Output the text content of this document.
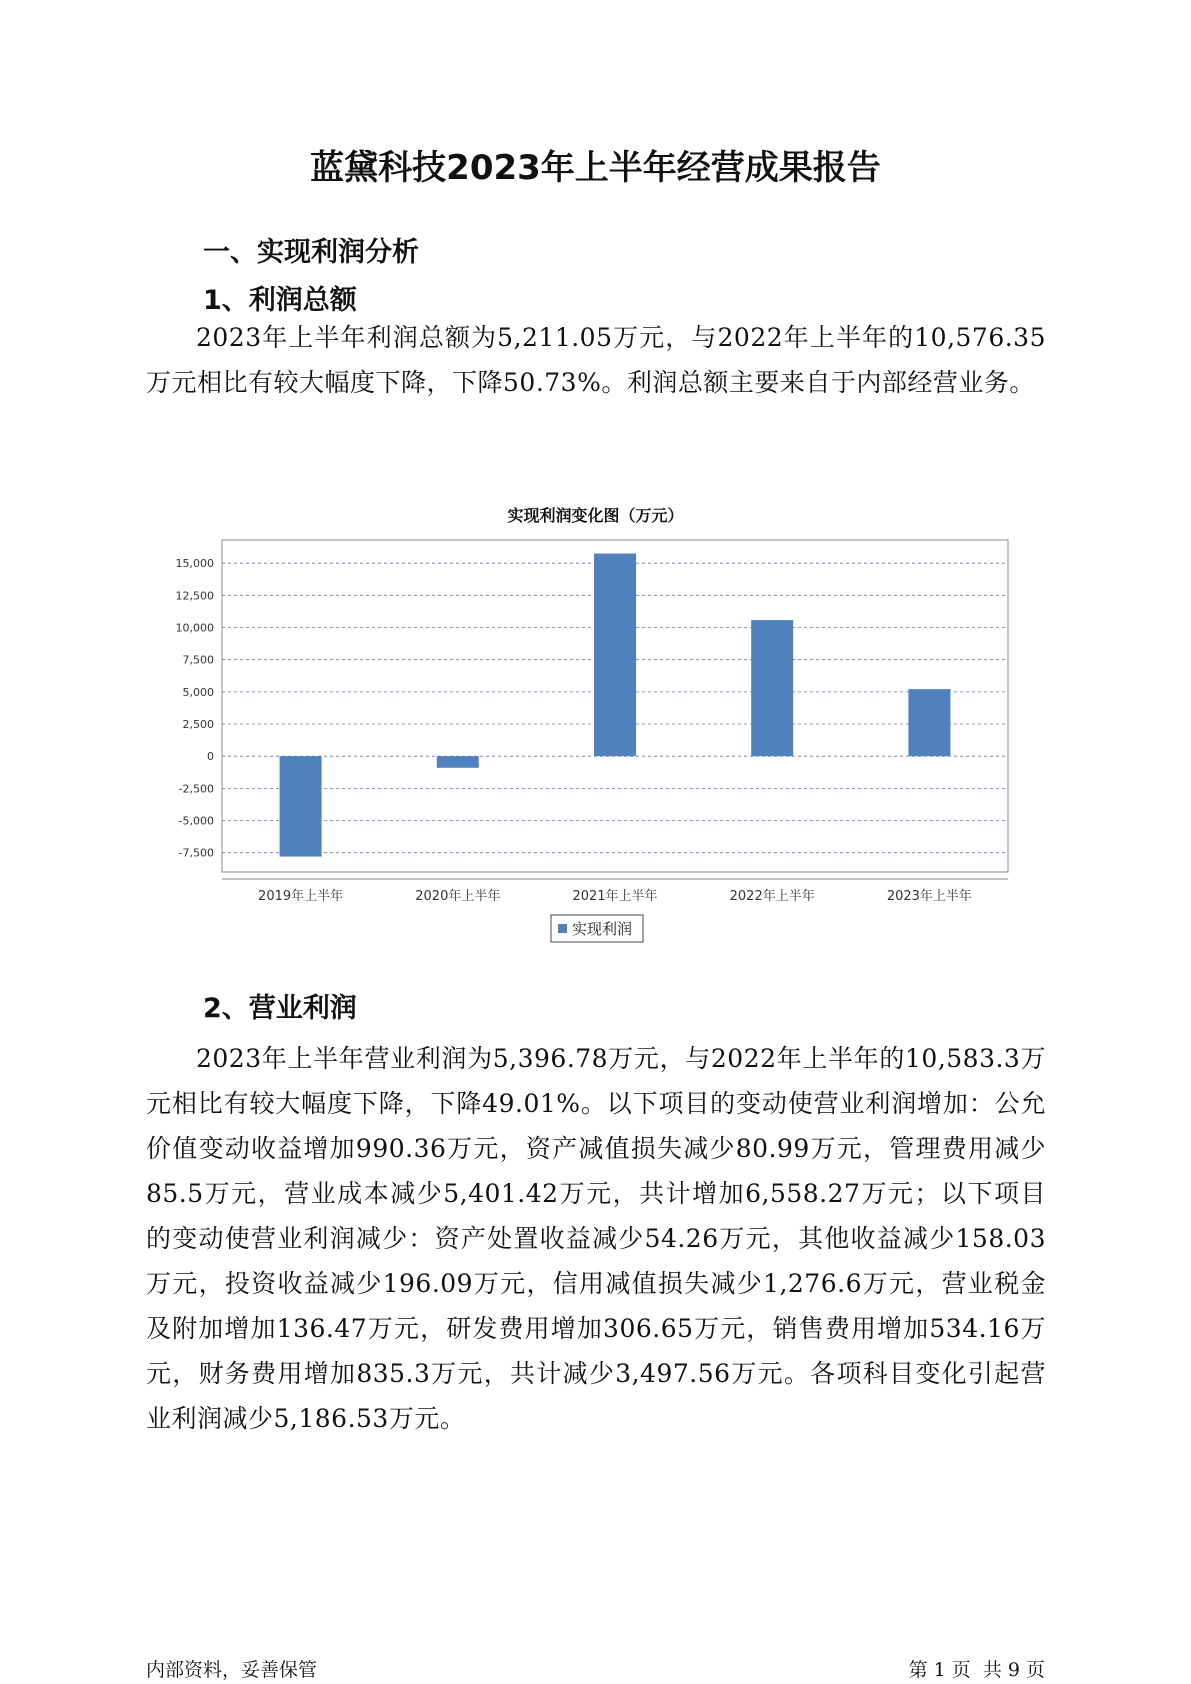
蓝黛科技2023年上半年经营成果报告
一、实现利润分析
1、利润总额
2023年上半年利润总额为5,211.05万元，与2022年上半年的10,576.35万元相比有较大幅度下降，下降50.73%。利润总额主要来自于内部经营业务。
实现利润变化图（万元）
15,000
12,500
10,000
7,500
5,000
2,500
0
-2,500
-5,000
-7,500
2019年上半年	2020年上半年	2021年上半年	2022年上半年	2023年上半年
实现利润
2、营业利润
2023年上半年营业利润为5,396.78万元，与2022年上半年的10,583.3万元相比有较大幅度下降，下降49.01%。以下项目的变动使营业利润增加：公允价值变动收益增加990.36万元，资产减值损失减少80.99万元，管理费用减少85.5万元，营业成本减少5,401.42万元，共计增加6,558.27万元；以下项目的变动使营业利润减少：资产处置收益减少54.26万元，其他收益减少158.03万元，投资收益减少196.09万元，信用减值损失减少1,276.6万元，营业税金及附加增加136.47万元，研发费用增加306.65万元，销售费用增加534.16万元，财务费用增加835.3万元，共计减少3,497.56万元。各项科目变化引起营业利润减少5,186.53万元。
内部资料，妥善保管	第 1 页  共 9 页
